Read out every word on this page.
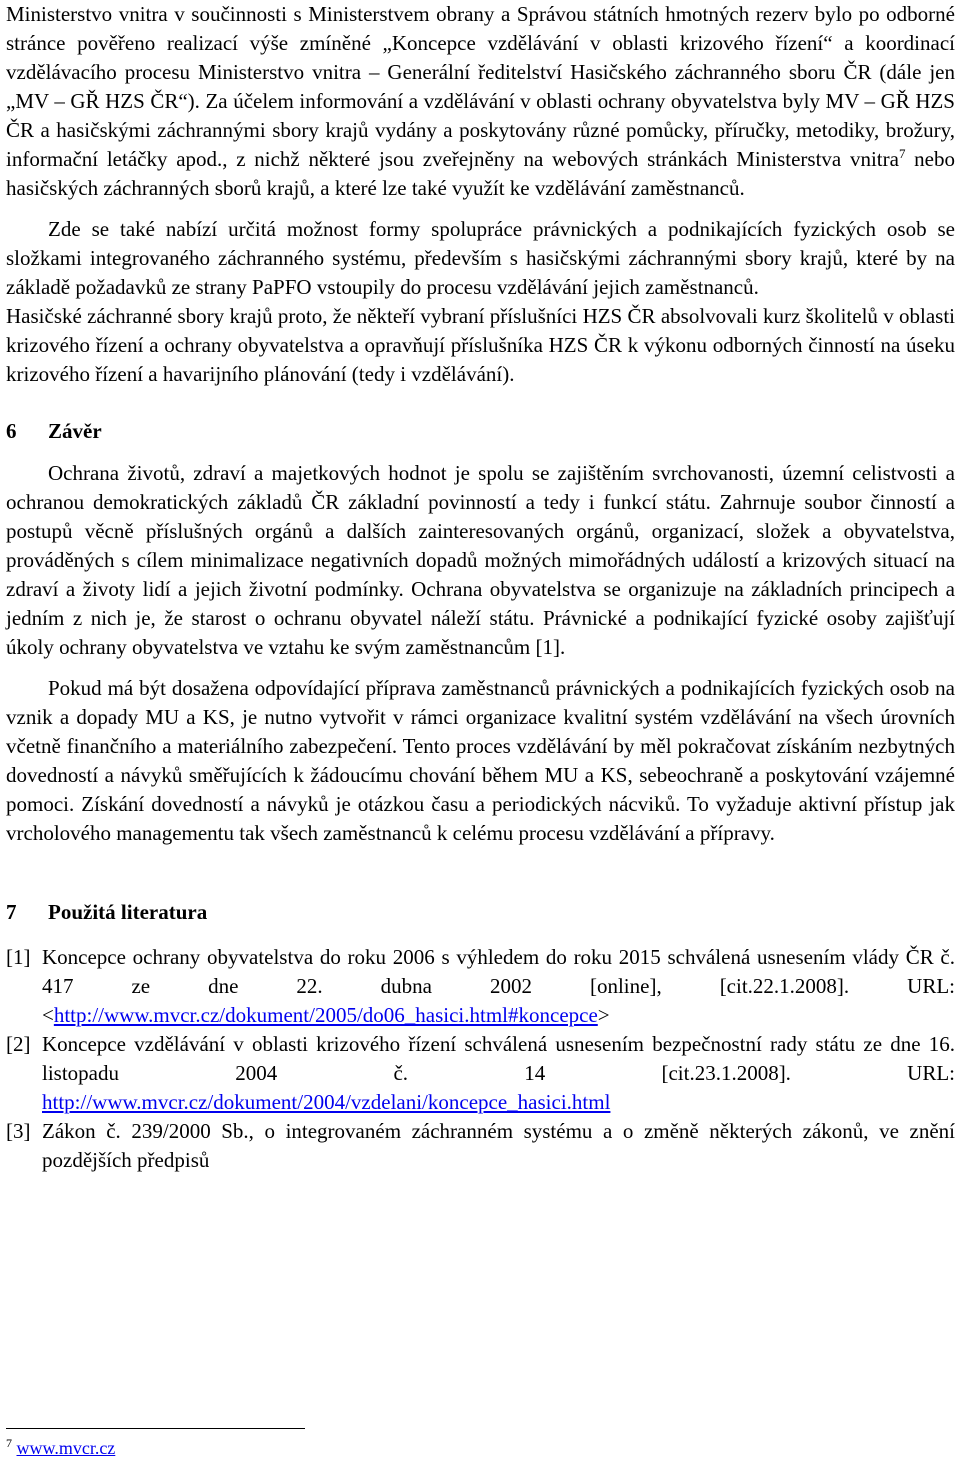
Ministerstvo vnitra v součinnosti s Ministerstvem obrany a Správou státních hmotných rezerv bylo po odborné stránce pověřeno realizací výše zmíněné „Koncepce vzdělávání v oblasti krizového řízení“ a koordinací vzdělávacího procesu Ministerstvo vnitra – Generální ředitelství Hasičského záchranného sboru ČR (dále jen „MV – GŘ HZS ČR“). Za účelem informování a vzdělávání v oblasti ochrany obyvatelstva byly MV – GŘ HZS ČR a hasičskými záchrannými sbory krajů vydány a poskytovány různé pomůcky, příručky, metodiky, brožury, informační letáčky apod., z nichž některé jsou zveřejněny na webových stránkách Ministerstva vnitra$^7$ nebo hasičských záchranných sborů krajů, a které lze také využít ke vzdělávání zaměstnanců.

Zde se také nabízí určitá možnost formy spolupráce právnických a podnikajících fyzických osob se složkami integrovaného záchranného systému, především s hasičskými záchrannými sbory krajů, které by na základě požadavků ze strany PaPFO vstoupily do procesu vzdělávání jejich zaměstnanců.

Hasičské záchranné sbory krajů proto, že někteří vybraní příslušníci HZS ČR absolvovali kurz školitelů v oblasti krizového řízení a ochrany obyvatelstva a opravňují příslušníka HZS ČR k výkonu odborných činností na úseku krizového řízení a havarijního plánování (tedy i vzdělávání).

6 Závěr

Ochrana životů, zdraví a majetkových hodnot je spolu se zajištěním svrchovanosti, územní celistvosti a ochranou demokratických základů ČR základní povinností a tedy i funkcí státu. Zahrnuje soubor činností a postupů věcně příslušných orgánů a dalších zainteresovaných orgánů, organizací, složek a obyvatelstva, prováděných s cílem minimalizace negativních dopadů možných mimořádných událostí a krizových situací na zdraví a životy lidí a jejich životní podmínky. Ochrana obyvatelstva se organizuje na základních principech a jedním z nich je, že starost o ochranu obyvatel náleží státu. Právnické a podnikající fyzické osoby zajišťují úkoly ochrany obyvatelstva ve vztahu ke svým zaměstnancům [1].

Pokud má být dosažena odpovídající příprava zaměstnanců právnických a podnikajících fyzických osob na vznik a dopady MU a KS, je nutno vytvořit v rámci organizace kvalitní systém vzdělávání na všech úrovních včetně finančního a materiálního zabezpečení. Tento proces vzdělávání by měl pokračovat získáním nezbytných dovedností a návyků směřujících k žádoucímu chování během MU a KS, sebeochraně a poskytování vzájemné pomoci. Získání dovedností a návyků je otázkou času a periodických nácviků. To vyžaduje aktivní přístup jak vrcholového managementu tak všech zaměstnanců k celému procesu vzdělávání a přípravy.

7 Použitá literatura
[1] Koncepce ochrany obyvatelstva do roku 2006 s výhledem do roku 2015 schválená usnesením vlády ČR č. 417 ze dne 22. dubna 2002 [online], [cit.22.1.2008]. URL: <http://www.mvcr.cz/dokument/2005/do06_hasici.html#koncepce>
[2] Koncepce vzdělávání v oblasti krizového řízení schválená usnesením bezpečnostní rady státu ze dne 16. listopadu 2004 č. 14 [cit.23.1.2008]. URL: http://www.mvcr.cz/dokument/2004/vzdelani/koncepce_hasici.html
[3] Zákon č. 239/2000 Sb., o integrovaném záchranném systému a o změně některých zákonů, ve znění pozdějších předpisů
$^7$ www.mvcr.cz
